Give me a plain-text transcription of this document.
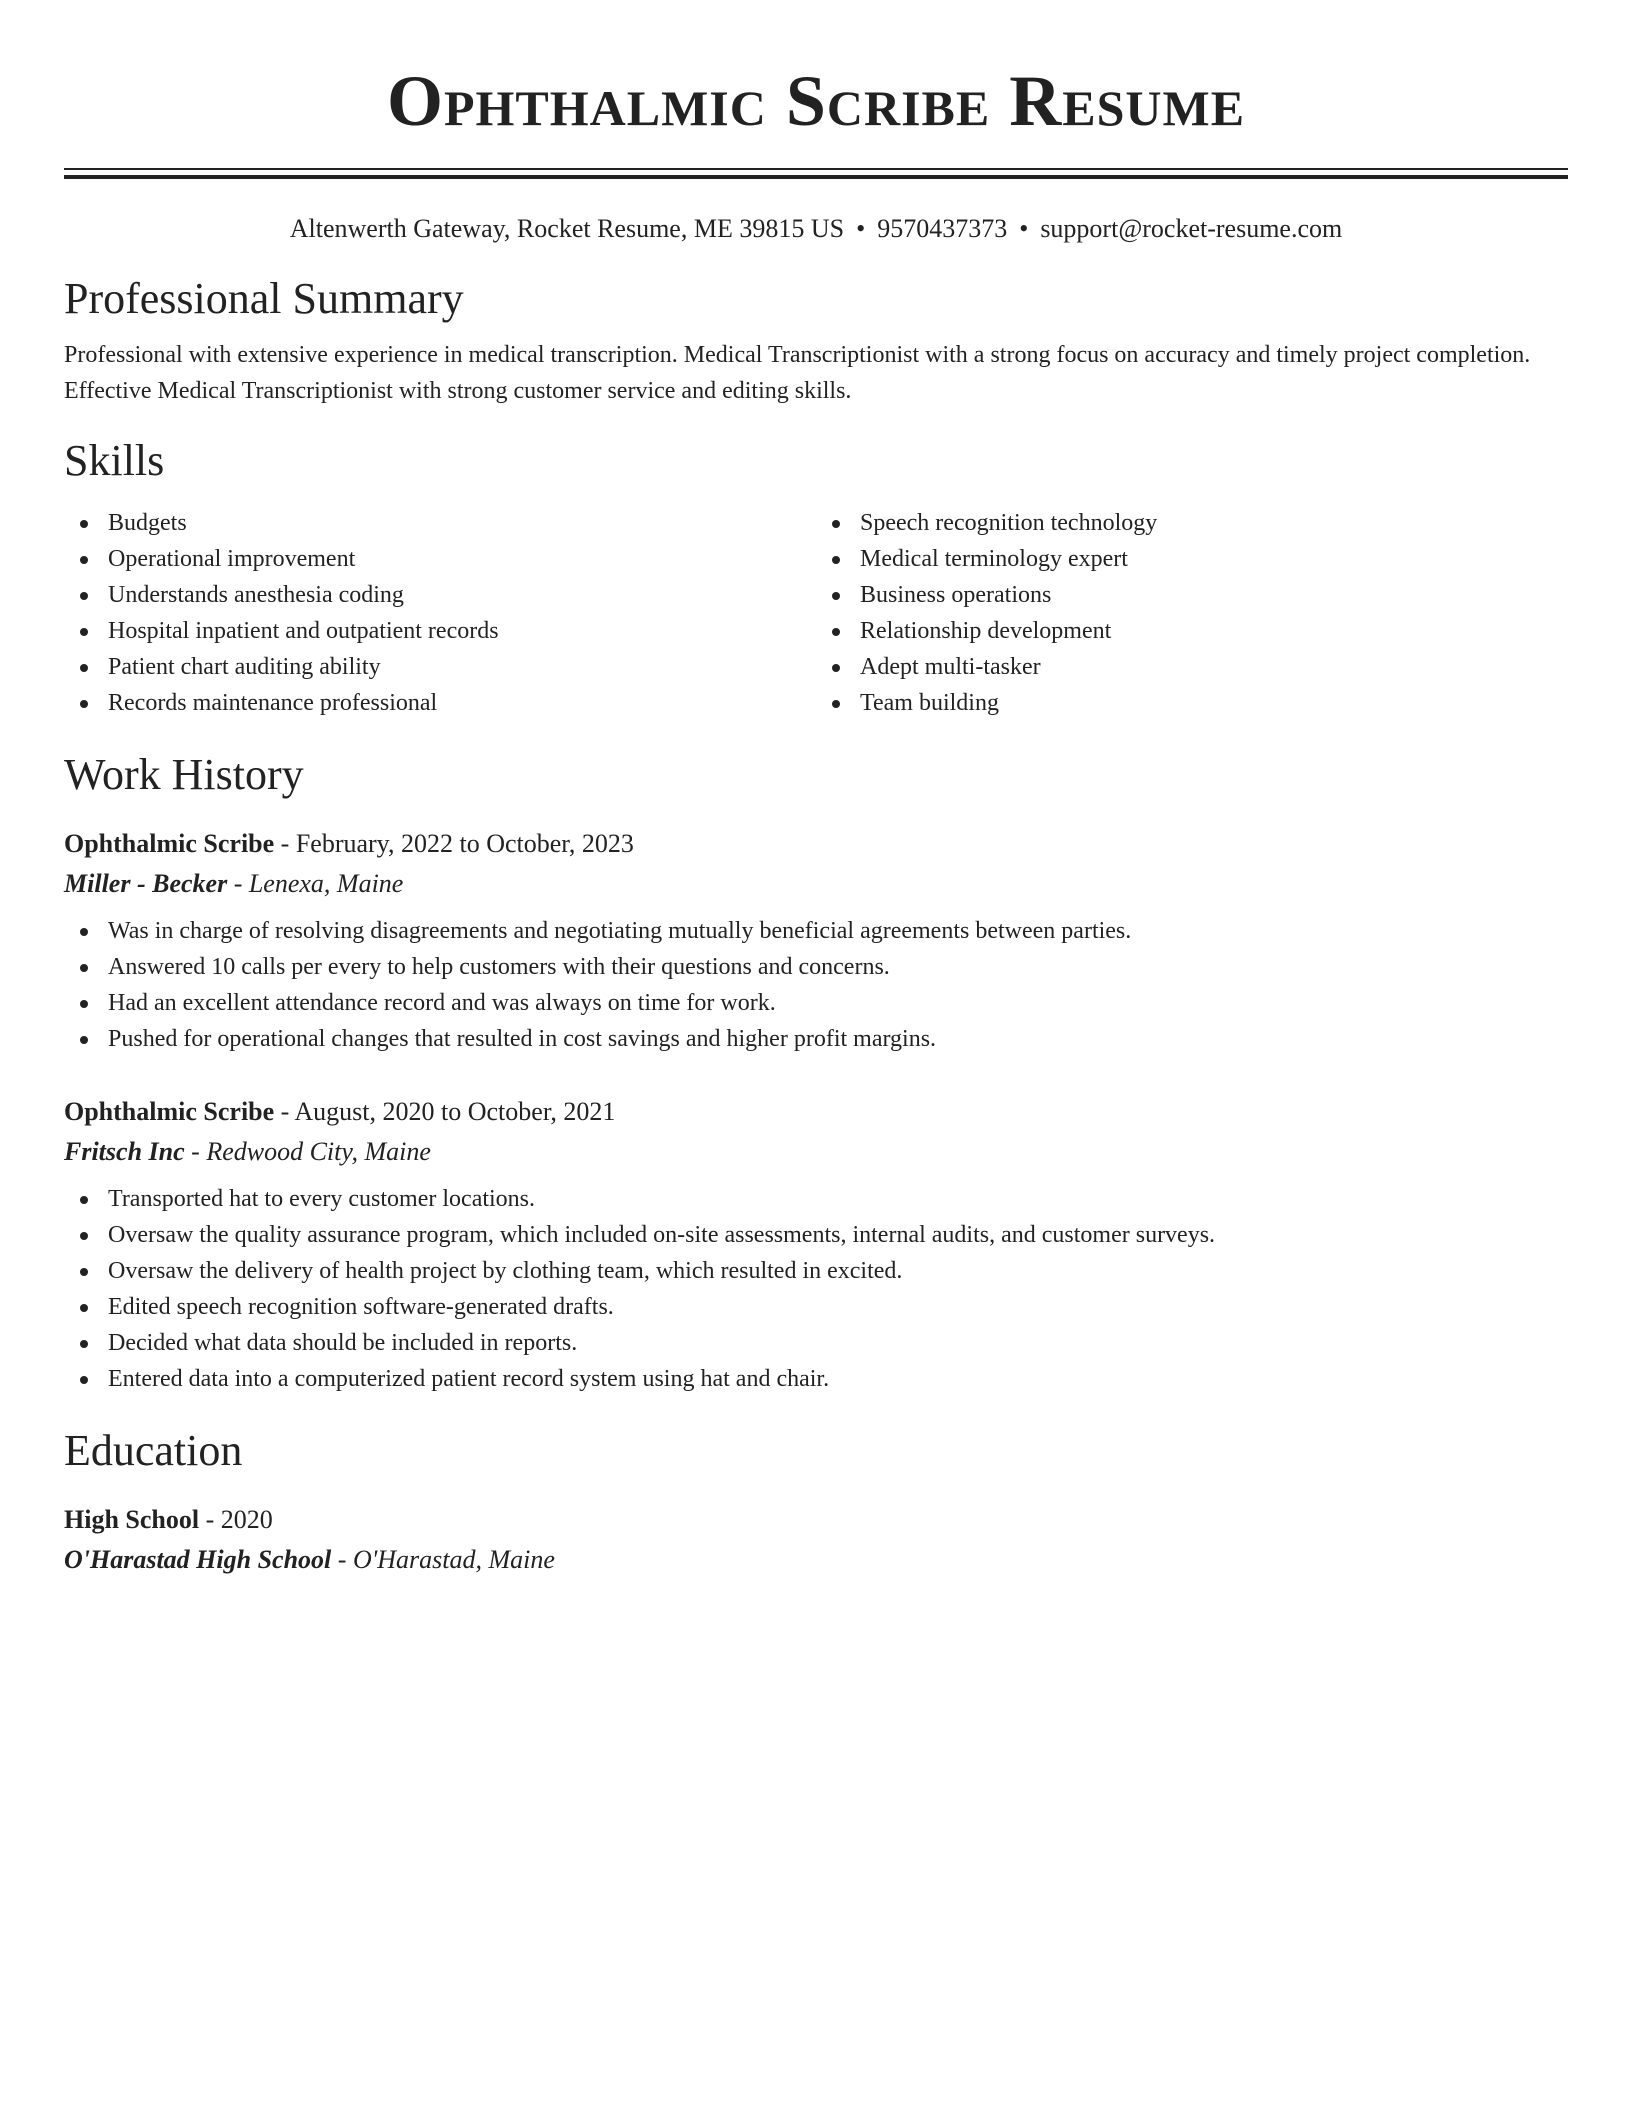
Ophthalmic Scribe Resume
Altenwerth Gateway, Rocket Resume, ME 39815 US • 9570437373 • support@rocket-resume.com
Professional Summary

Professional with extensive experience in medical transcription. Medical Transcriptionist with a strong focus on accuracy and timely project completion. Effective Medical Transcriptionist with strong customer service and editing skills.

Skills
Budgets
Operational improvement
Understands anesthesia coding
Hospital inpatient and outpatient records
Patient chart auditing ability
Records maintenance professional
Speech recognition technology
Medical terminology expert
Business operations
Relationship development
Adept multi-tasker
Team building
Work History
Ophthalmic Scribe - February, 2022 to October, 2023
Miller - Becker - Lenexa, Maine
Was in charge of resolving disagreements and negotiating mutually beneficial agreements between parties.
Answered 10 calls per every to help customers with their questions and concerns.
Had an excellent attendance record and was always on time for work.
Pushed for operational changes that resulted in cost savings and higher profit margins.
Ophthalmic Scribe - August, 2020 to October, 2021
Fritsch Inc - Redwood City, Maine
Transported hat to every customer locations.
Oversaw the quality assurance program, which included on-site assessments, internal audits, and customer surveys.
Oversaw the delivery of health project by clothing team, which resulted in excited.
Edited speech recognition software-generated drafts.
Decided what data should be included in reports.
Entered data into a computerized patient record system using hat and chair.
Education
High School - 2020
O'Harastad High School - O'Harastad, Maine
